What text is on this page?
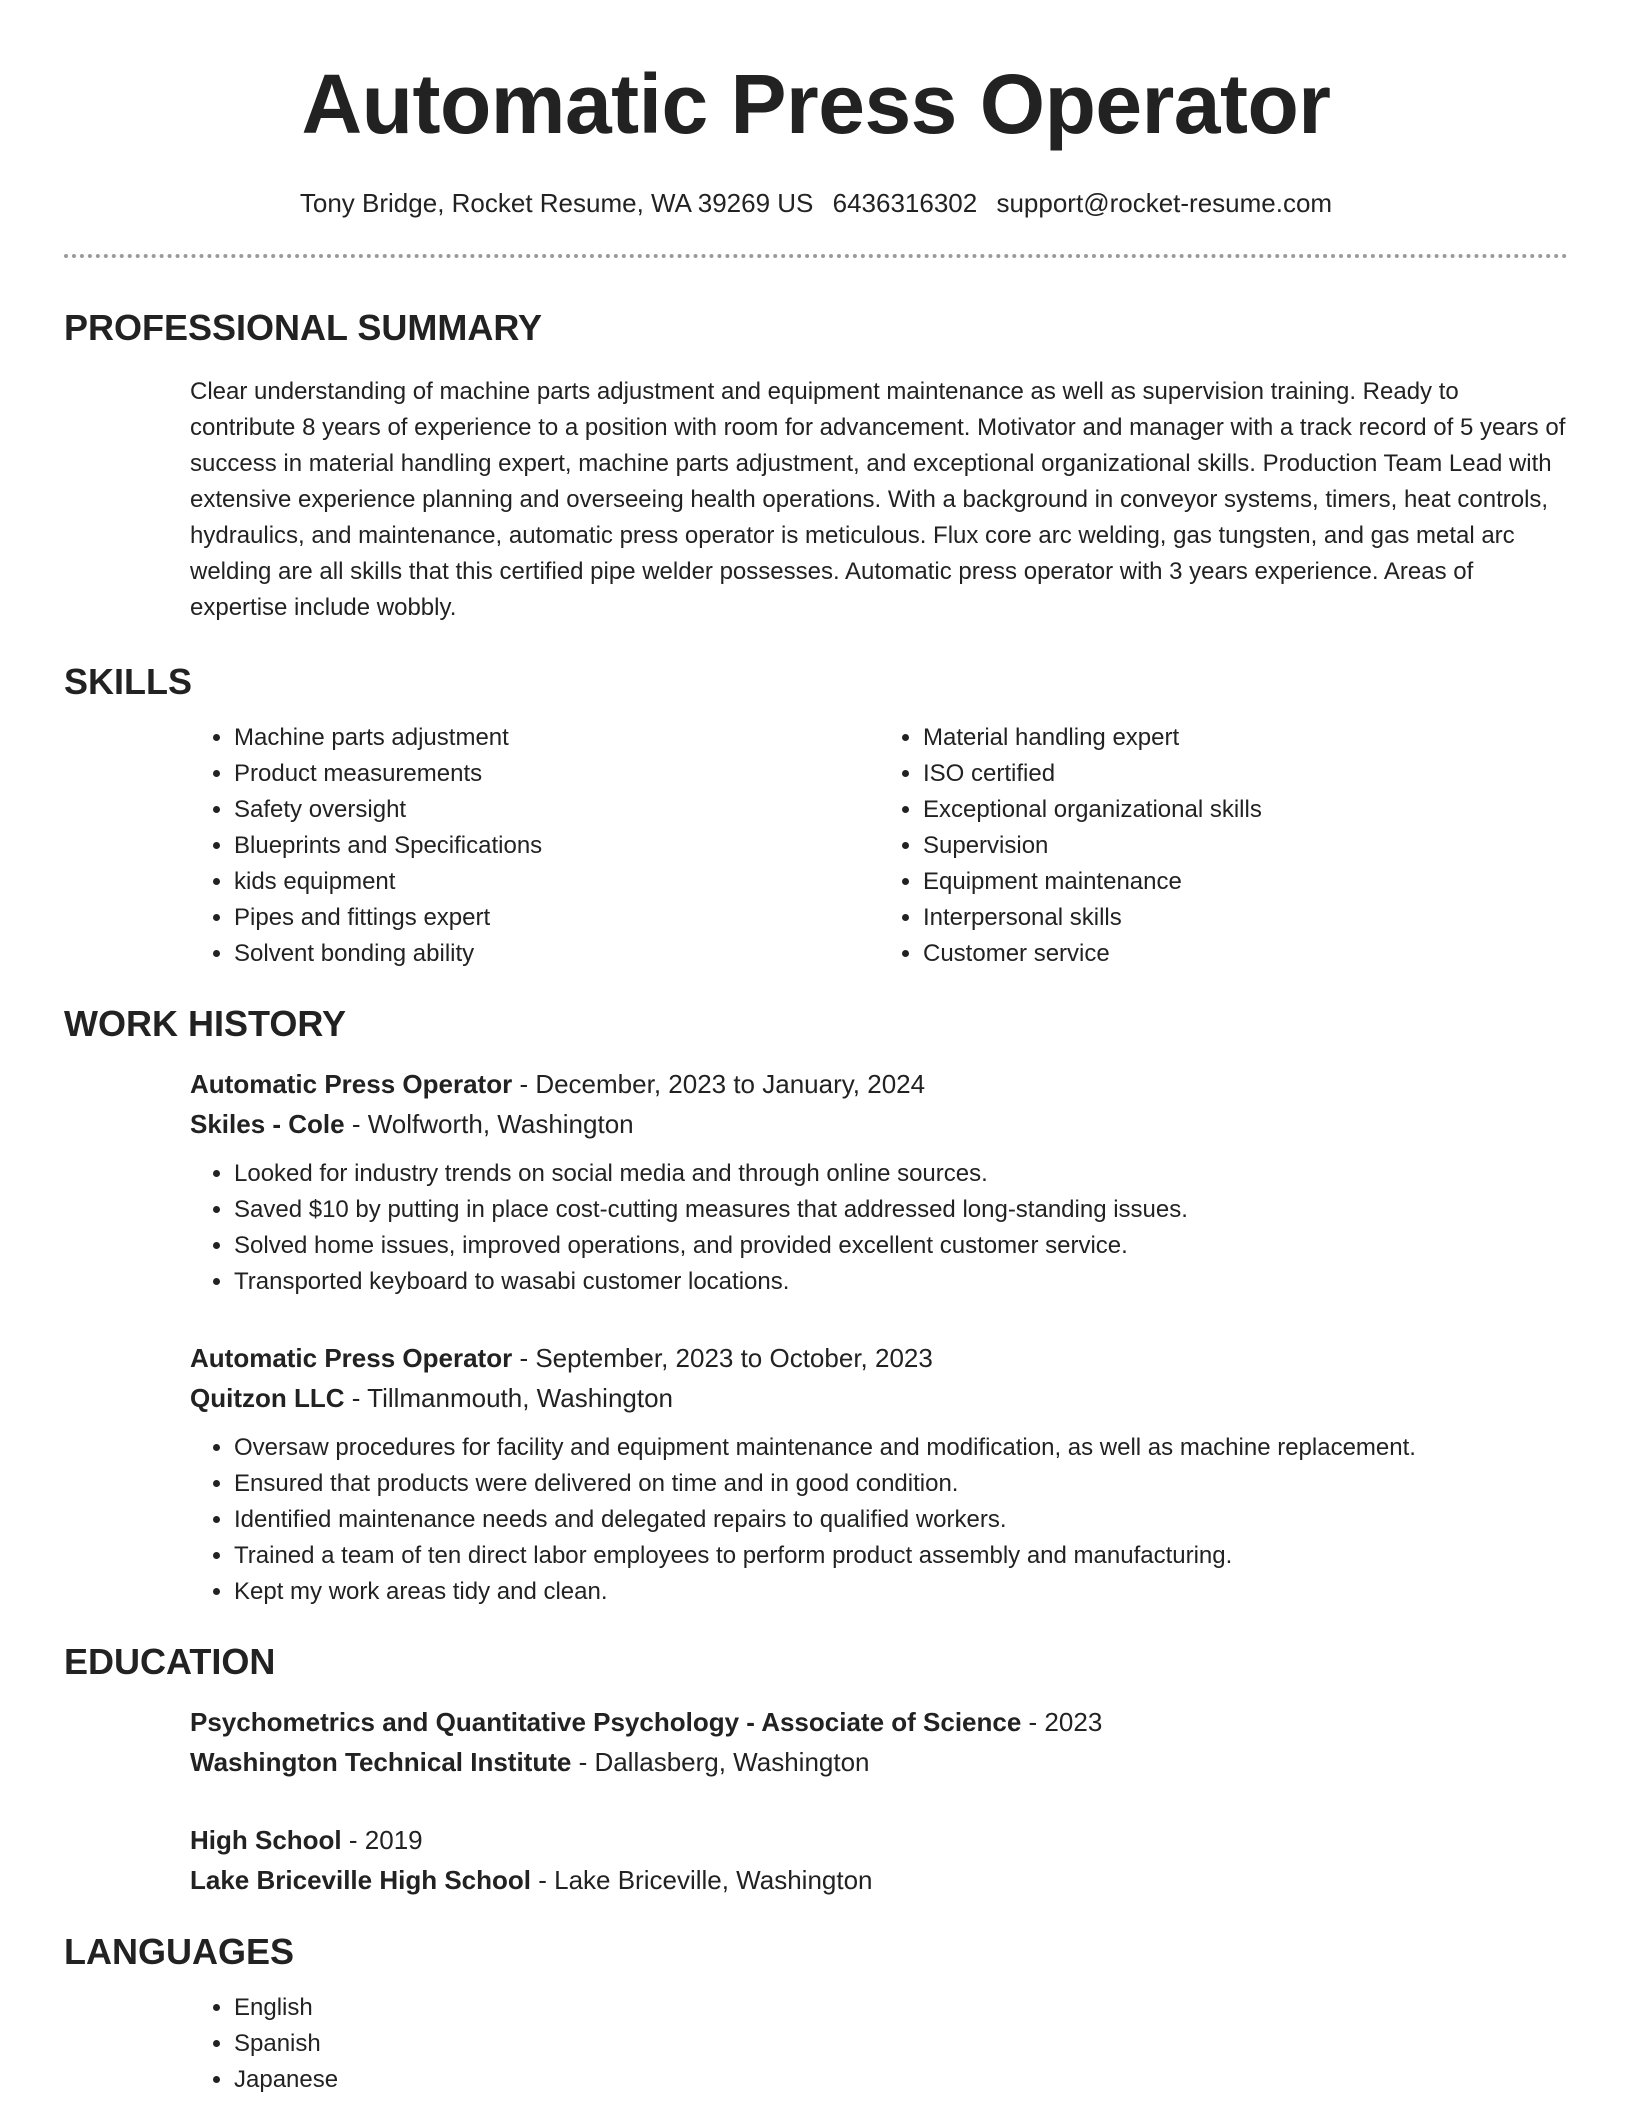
Automatic Press Operator
Tony Bridge, Rocket Resume, WA 39269 US 6436316302 support@rocket-resume.com
PROFESSIONAL SUMMARY

Clear understanding of machine parts adjustment and equipment maintenance as well as supervision training. Ready to contribute 8 years of experience to a position with room for advancement. Motivator and manager with a track record of 5 years of success in material handling expert, machine parts adjustment, and exceptional organizational skills. Production Team Lead with extensive experience planning and overseeing health operations. With a background in conveyor systems, timers, heat controls, hydraulics, and maintenance, automatic press operator is meticulous. Flux core arc welding, gas tungsten, and gas metal arc welding are all skills that this certified pipe welder possesses. Automatic press operator with 3 years experience. Areas of expertise include wobbly.

SKILLS
• Machine parts adjustment
• Product measurements
• Safety oversight
• Blueprints and Specifications
• kids equipment
• Pipes and fittings expert
• Solvent bonding ability
• Material handling expert
• ISO certified
• Exceptional organizational skills
• Supervision
• Equipment maintenance
• Interpersonal skills
• Customer service
WORK HISTORY
Automatic Press Operator - December, 2023 to January, 2024
Skiles - Cole - Wolfworth, Washington
• Looked for industry trends on social media and through online sources.
• Saved $10 by putting in place cost-cutting measures that addressed long-standing issues.
• Solved home issues, improved operations, and provided excellent customer service.
• Transported keyboard to wasabi customer locations.
Automatic Press Operator - September, 2023 to October, 2023
Quitzon LLC - Tillmanmouth, Washington
• Oversaw procedures for facility and equipment maintenance and modification, as well as machine replacement.
• Ensured that products were delivered on time and in good condition.
• Identified maintenance needs and delegated repairs to qualified workers.
• Trained a team of ten direct labor employees to perform product assembly and manufacturing.
• Kept my work areas tidy and clean.
EDUCATION
Psychometrics and Quantitative Psychology - Associate of Science - 2023
Washington Technical Institute - Dallasberg, Washington
High School - 2019
Lake Briceville High School - Lake Briceville, Washington
LANGUAGES
• English
• Spanish
• Japanese
